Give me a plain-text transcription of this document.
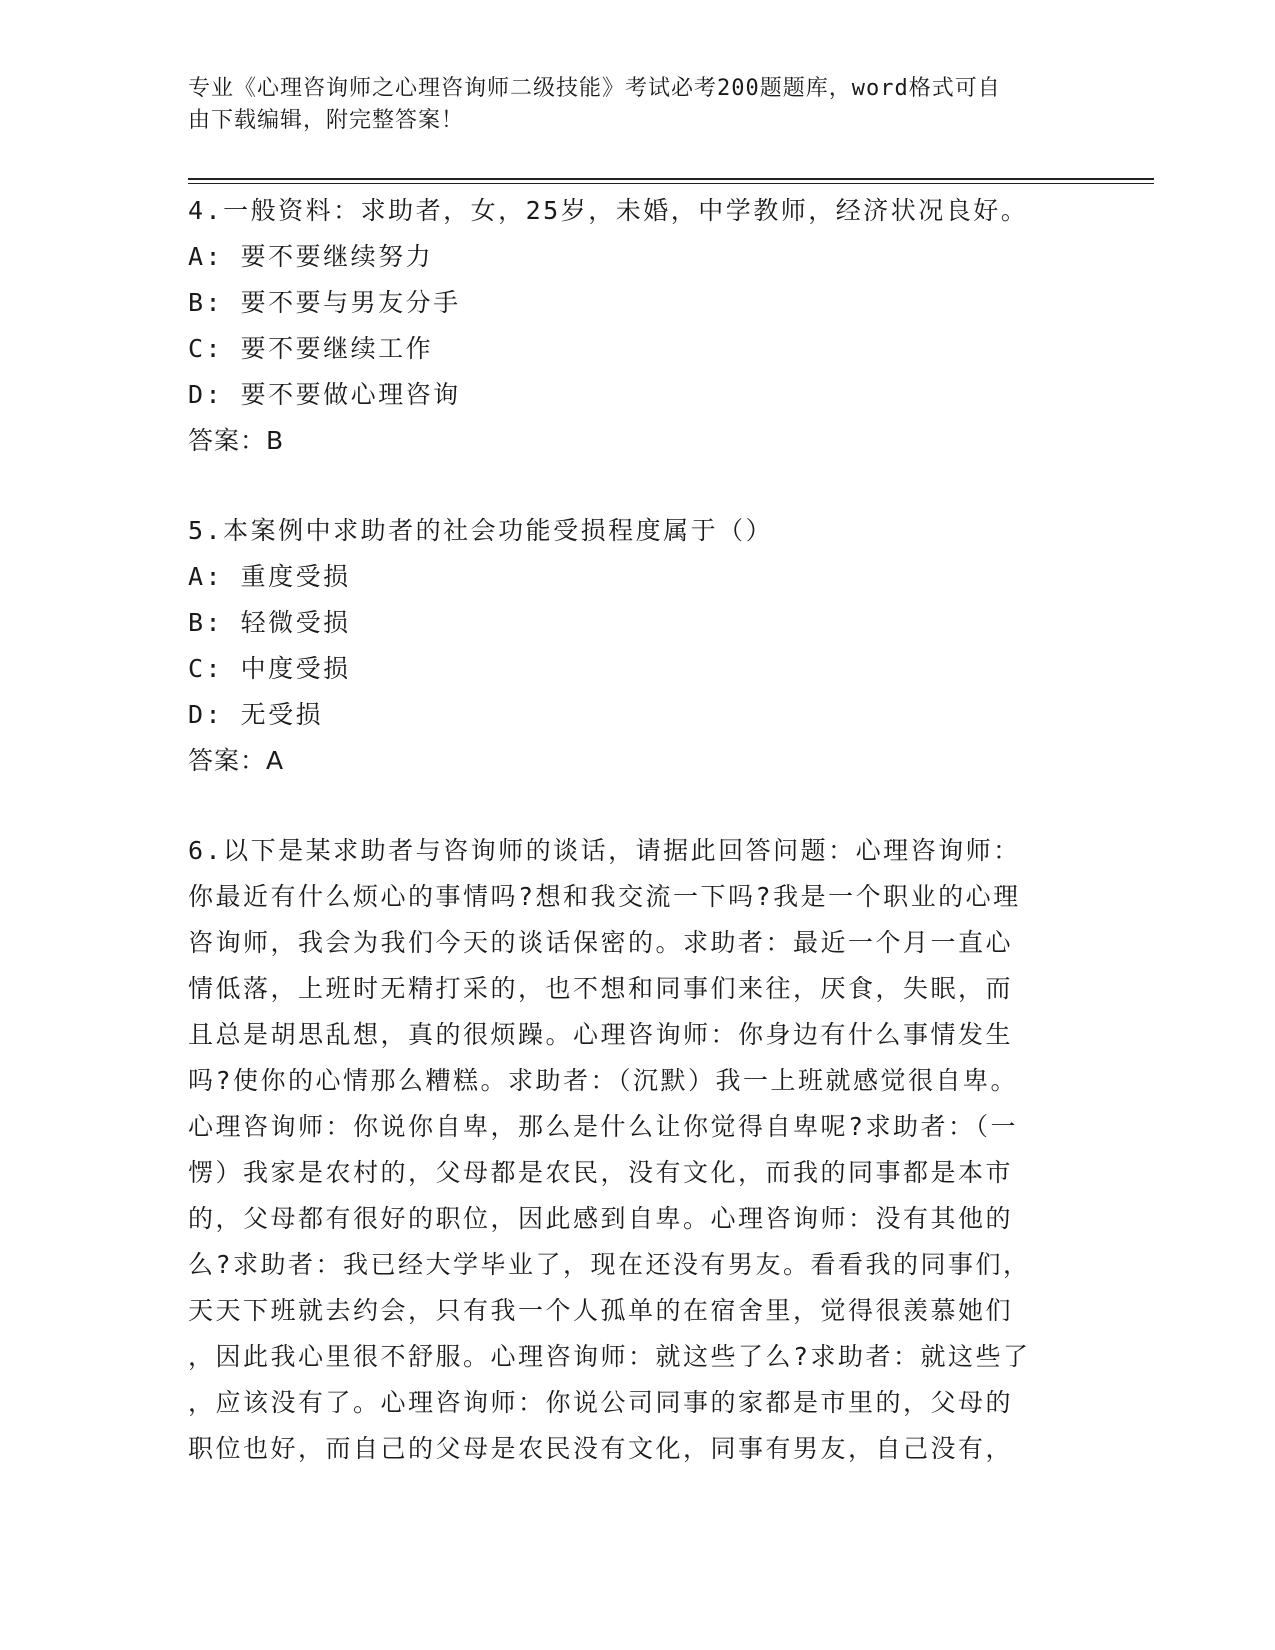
专业《心理咨询师之心理咨询师二级技能》考试必考200题题库，word格式可自
由下载编辑，附完整答案！

4.一般资料：求助者，女，25岁，未婚，中学教师，经济状况良好。

A: 要不要继续努力

B: 要不要与男友分手

C: 要不要继续工作

D: 要不要做心理咨询

答案：B

5.本案例中求助者的社会功能受损程度属于（）

A: 重度受损

B: 轻微受损

C: 中度受损

D: 无受损

答案：A

6.以下是某求助者与咨询师的谈话，请据此回答问题：心理咨询师：

你最近有什么烦心的事情吗?想和我交流一下吗?我是一个职业的心理

咨询师，我会为我们今天的谈话保密的。求助者：最近一个月一直心

情低落，上班时无精打采的，也不想和同事们来往，厌食，失眠，而

且总是胡思乱想，真的很烦躁。心理咨询师：你身边有什么事情发生

吗?使你的心情那么糟糕。求助者：（沉默）我一上班就感觉很自卑。

心理咨询师：你说你自卑，那么是什么让你觉得自卑呢?求助者：（一

愣）我家是农村的，父母都是农民，没有文化，而我的同事都是本市

的，父母都有很好的职位，因此感到自卑。心理咨询师：没有其他的

么?求助者：我已经大学毕业了，现在还没有男友。看看我的同事们，

天天下班就去约会，只有我一个人孤单的在宿舍里，觉得很羡慕她们

，因此我心里很不舒服。心理咨询师：就这些了么?求助者：就这些了

，应该没有了。心理咨询师：你说公司同事的家都是市里的，父母的

职位也好，而自己的父母是农民没有文化，同事有男友，自己没有，
